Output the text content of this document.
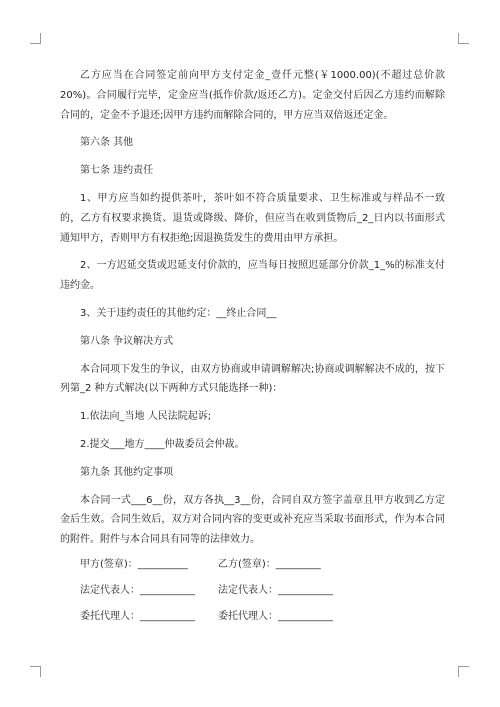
乙方应当在合同签定前向甲方支付定金_壹仟元整(￥1000.00)(不超过总价款20%)。合同履行完毕，定金应当(抵作价款/返还乙方)。定金交付后因乙方违约而解除合同的，定金不予退还;因甲方违约而解除合同的，甲方应当双倍返还定金。

第六条 其他

第七条 违约责任

1、甲方应当如约提供茶叶，茶叶如不符合质量要求、卫生标准或与样品不一致的，乙方有权要求换货、退货或降级、降价，但应当在收到货物后_2_日内以书面形式通知甲方，否则甲方有权拒绝;因退换货发生的费用由甲方承担。

2、一方迟延交货或迟延支付价款的，应当每日按照迟延部分价款_1_%的标准支付违约金。

3、关于违约责任的其他约定：__终止合同__

第八条 争议解决方式

本合同项下发生的争议，由双方协商或申请调解解决;协商或调解解决不成的，按下列第_2 种方式解决(以下两种方式只能选择一种)：

1.依法向_当地 人民法院起诉;

2.提交___地方____仲裁委员会仲裁。

第九条 其他约定事项

本合同一式___6__份，双方各执__3__份，合同自双方签字盖章且甲方收到乙方定金后生效。合同生效后，双方对合同内容的变更或补充应当采取书面形式，作为本合同的附件。附件与本合同具有同等的法律效力。

甲方(签章)：__________	乙方(签章)：_________
法定代表人：___________	法定代表人：___________
委托代理人：___________	委托代理人：___________
